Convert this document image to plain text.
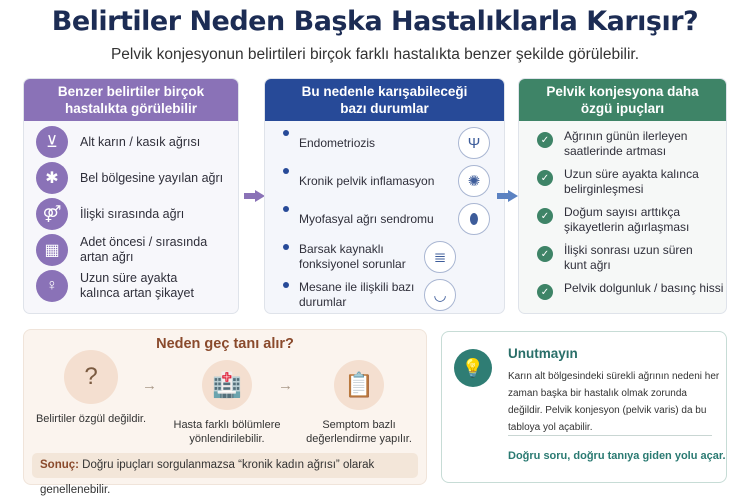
Belirtiler Neden Başka Hastalıklarla Karışır?
Pelvik konjesyonun belirtileri birçok farklı hastalıkta benzer şekilde görülebilir.
Benzer belirtiler birçok
hastalıkta görülebilir
⊻	Alt karın / kasık ağrısı
✱	Bel bölgesine yayılan ağrı
⚤	İlişki sırasında ağrı
▦	Adet öncesi / sırasında artan ağrı
♀	Uzun süre ayakta kalınca artan şikayet
Bu nedenle karışabileceği
bazı durumlar
Endometriozis	Ψ
Kronik pelvik inflamasyon	✺
Myofasyal ağrı sendromu	⬮
Barsak kaynaklı fonksiyonel sorunlar	≣
Mesane ile ilişkili bazı durumlar	◡
Pelvik konjesyona daha
özgü ipuçları
✓	Ağrının günün ilerleyen saatlerinde artması
✓	Uzun süre ayakta kalınca belirginleşmesi
✓	Doğum sayısı arttıkça şikayetlerin ağırlaşması
✓	İlişki sonrası uzun süren kunt ağrı
✓	Pelvik dolgunluk / basınç hissi
Neden geç tanı alır?
?
Belirtiler özgül değildir.
→	🏥
Hasta farklı bölümlere yönlendirilebilir.
→	📋
Semptom bazlı değerlendirme yapılır.
Sonuç: Doğru ipuçları sorgulanmazsa “kronik kadın ağrısı” olarak genellenebilir.
💡
Unutmayın
Karın alt bölgesindeki sürekli ağrının nedeni her zaman başka bir hastalık olmak zorunda değildir. Pelvik konjesyon (pelvik varis) da bu tabloya yol açabilir.
Doğru soru, doğru tanıya giden yolu açar.
